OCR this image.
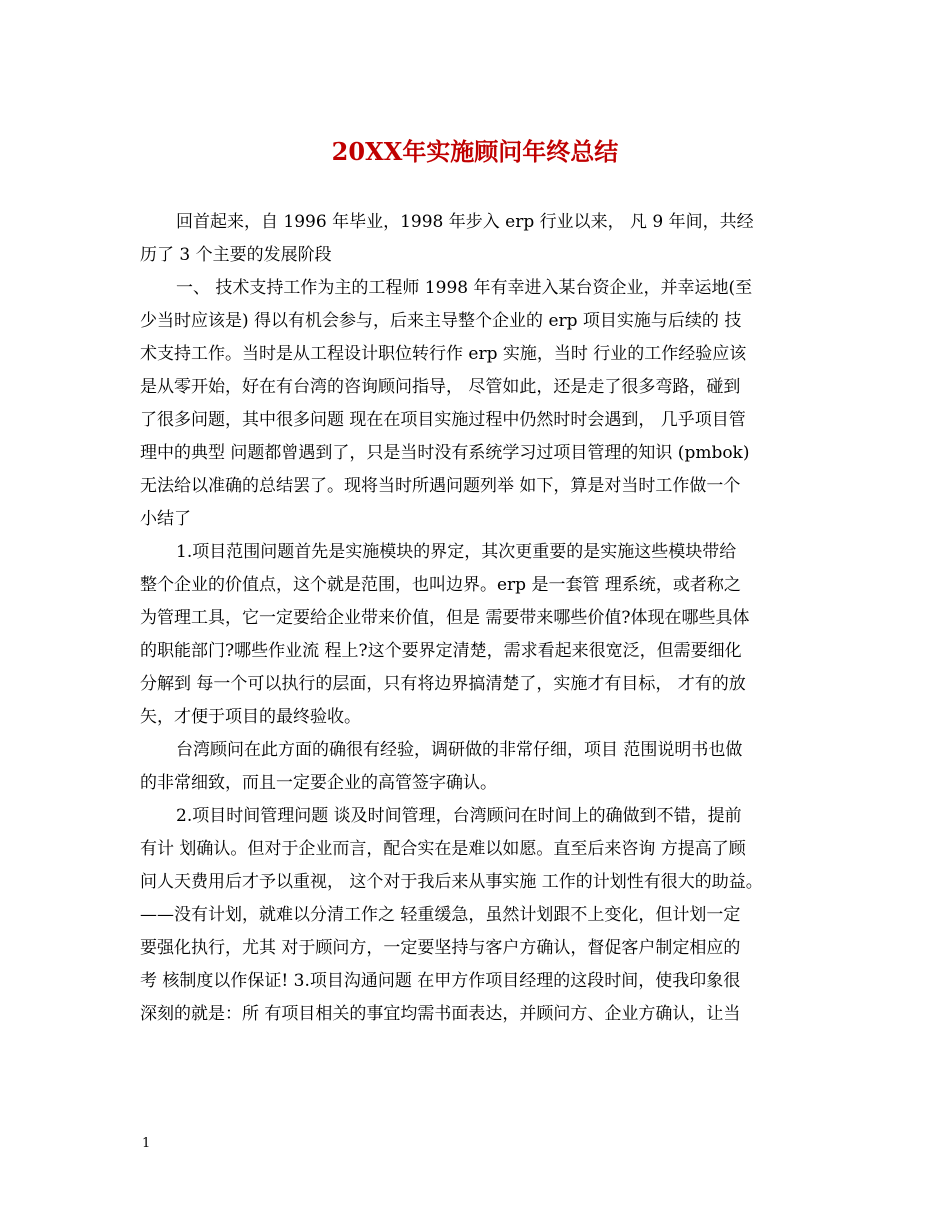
20XX年实施顾问年终总结
回首起来，自 1996 年毕业，1998 年步入 erp 行业以来， 凡 9 年间，共经
历了 3 个主要的发展阶段
一、 技术支持工作为主的工程师 1998 年有幸进入某台资企业，并幸运地(至
少当时应该是) 得以有机会参与，后来主导整个企业的 erp 项目实施与后续的 技
术支持工作。当时是从工程设计职位转行作 erp 实施，当时 行业的工作经验应该
是从零开始，好在有台湾的咨询顾问指导， 尽管如此，还是走了很多弯路，碰到
了很多问题，其中很多问题 现在在项目实施过程中仍然时时会遇到， 几乎项目管
理中的典型 问题都曾遇到了，只是当时没有系统学习过项目管理的知识 (pmbok)
无法给以准确的总结罢了。现将当时所遇问题列举 如下，算是对当时工作做一个
小结了
1.项目范围问题首先是实施模块的界定，其次更重要的是实施这些模块带给
整个企业的价值点，这个就是范围，也叫边界。erp 是一套管 理系统，或者称之
为管理工具，它一定要给企业带来价值，但是 需要带来哪些价值?体现在哪些具体
的职能部门?哪些作业流 程上?这个要界定清楚，需求看起来很宽泛，但需要细化
分解到 每一个可以执行的层面，只有将边界搞清楚了，实施才有目标， 才有的放
矢，才便于项目的最终验收。
台湾顾问在此方面的确很有经验，调研做的非常仔细，项目 范围说明书也做
的非常细致，而且一定要企业的高管签字确认。
2.项目时间管理问题 谈及时间管理，台湾顾问在时间上的确做到不错，提前
有计 划确认。但对于企业而言，配合实在是难以如愿。直至后来咨询 方提高了顾
问人天费用后才予以重视， 这个对于我后来从事实施 工作的计划性有很大的助益。
——没有计划，就难以分清工作之 轻重缓急，虽然计划跟不上变化，但计划一定
要强化执行，尤其 对于顾问方，一定要坚持与客户方确认，督促客户制定相应的
考 核制度以作保证! 3.项目沟通问题 在甲方作项目经理的这段时间，使我印象很
深刻的就是：所 有项目相关的事宜均需书面表达，并顾问方、企业方确认，让当
1
